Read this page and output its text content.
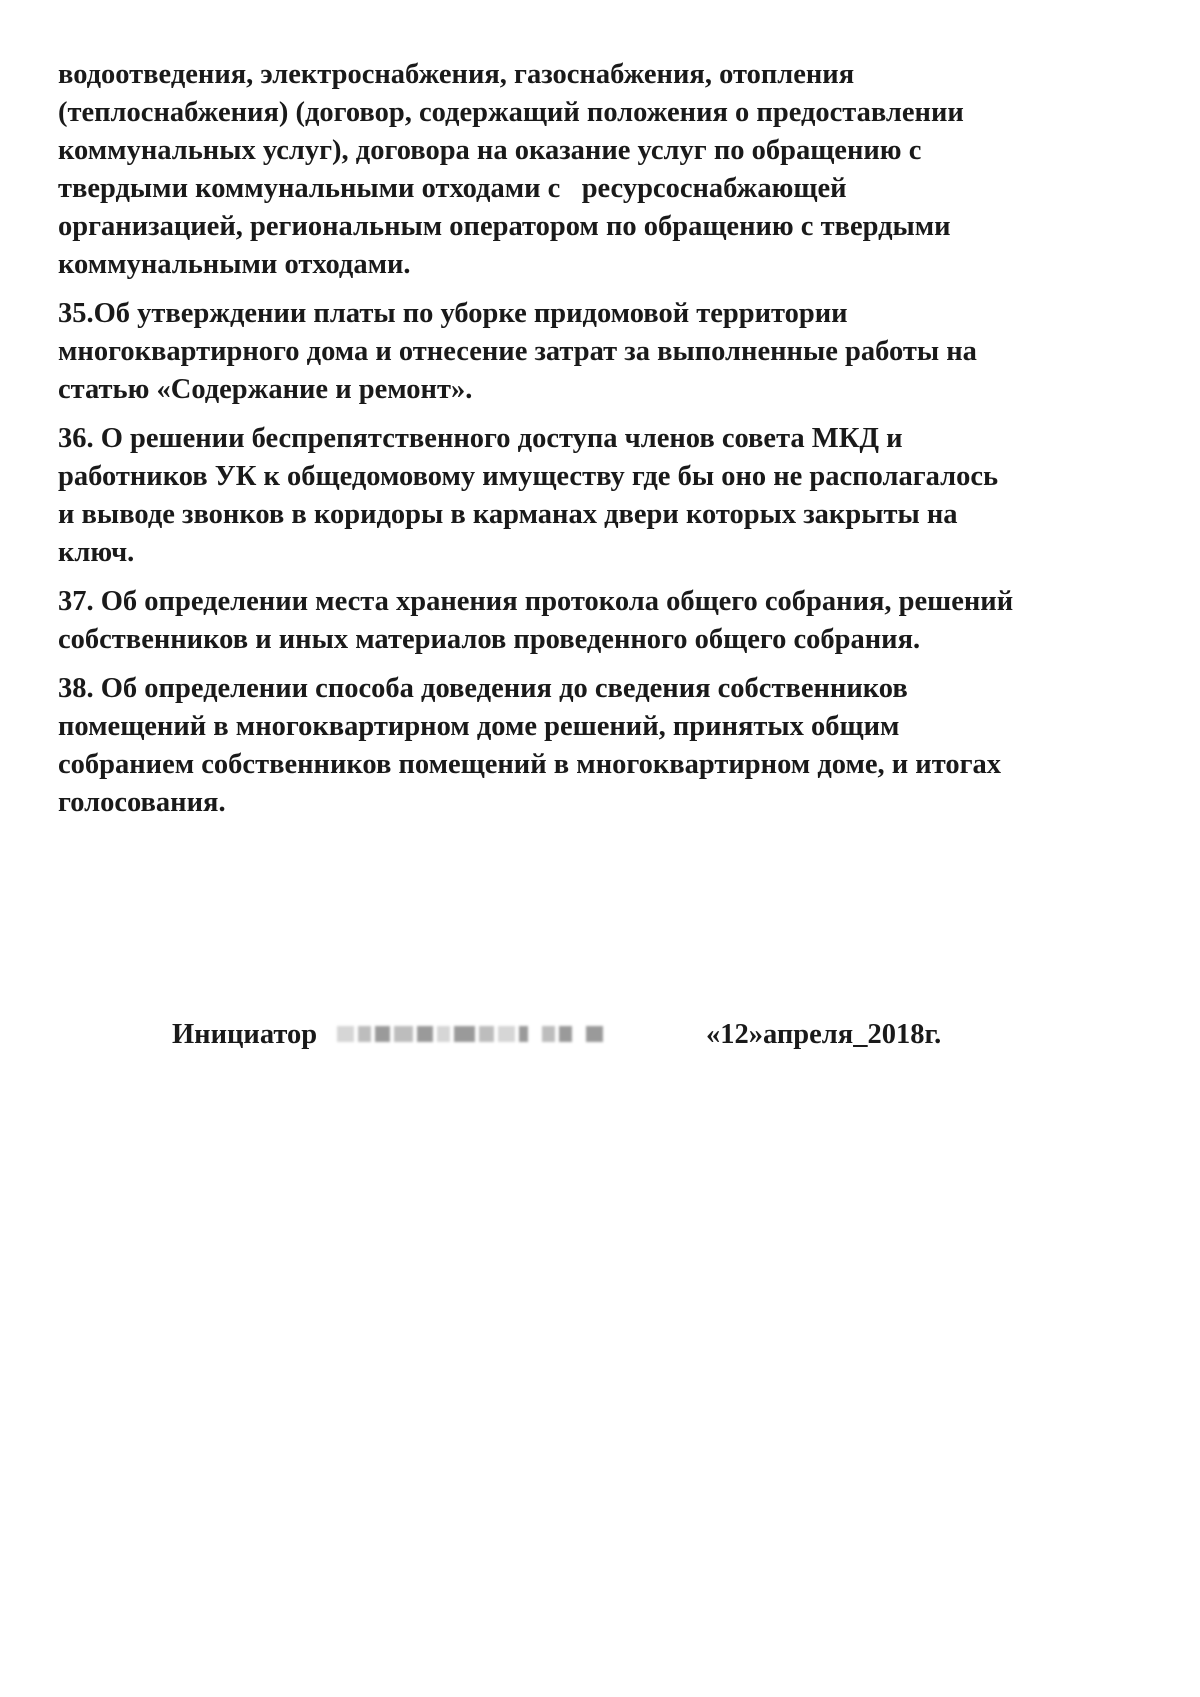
водоотведения, электроснабжения, газоснабжения, отопления
(теплоснабжения) (договор, содержащий положения о предоставлении
коммунальных услуг), договора на оказание услуг по обращению с
твердыми коммунальными отходами с   ресурсоснабжающей
организацией, региональным оператором по обращению с твердыми
коммунальными отходами.

35.Об утверждении платы по уборке придомовой территории
многоквартирного дома и отнесение затрат за выполненные работы на
статью «Содержание и ремонт».

36. О решении беспрепятственного доступа членов совета МКД и
работников УК к общедомовому имуществу где бы оно не располагалось
и выводе звонков в коридоры в карманах двери которых закрыты на
ключ.

37. Об определении места хранения протокола общего собрания, решений
собственников и иных материалов проведенного общего собрания.

38. Об определении способа доведения до сведения собственников
помещений в многоквартирном доме решений, принятых общим
собранием собственников помещений в многоквартирном доме, и итогах
голосования.

Инициатор	«12»апреля_2018г.
